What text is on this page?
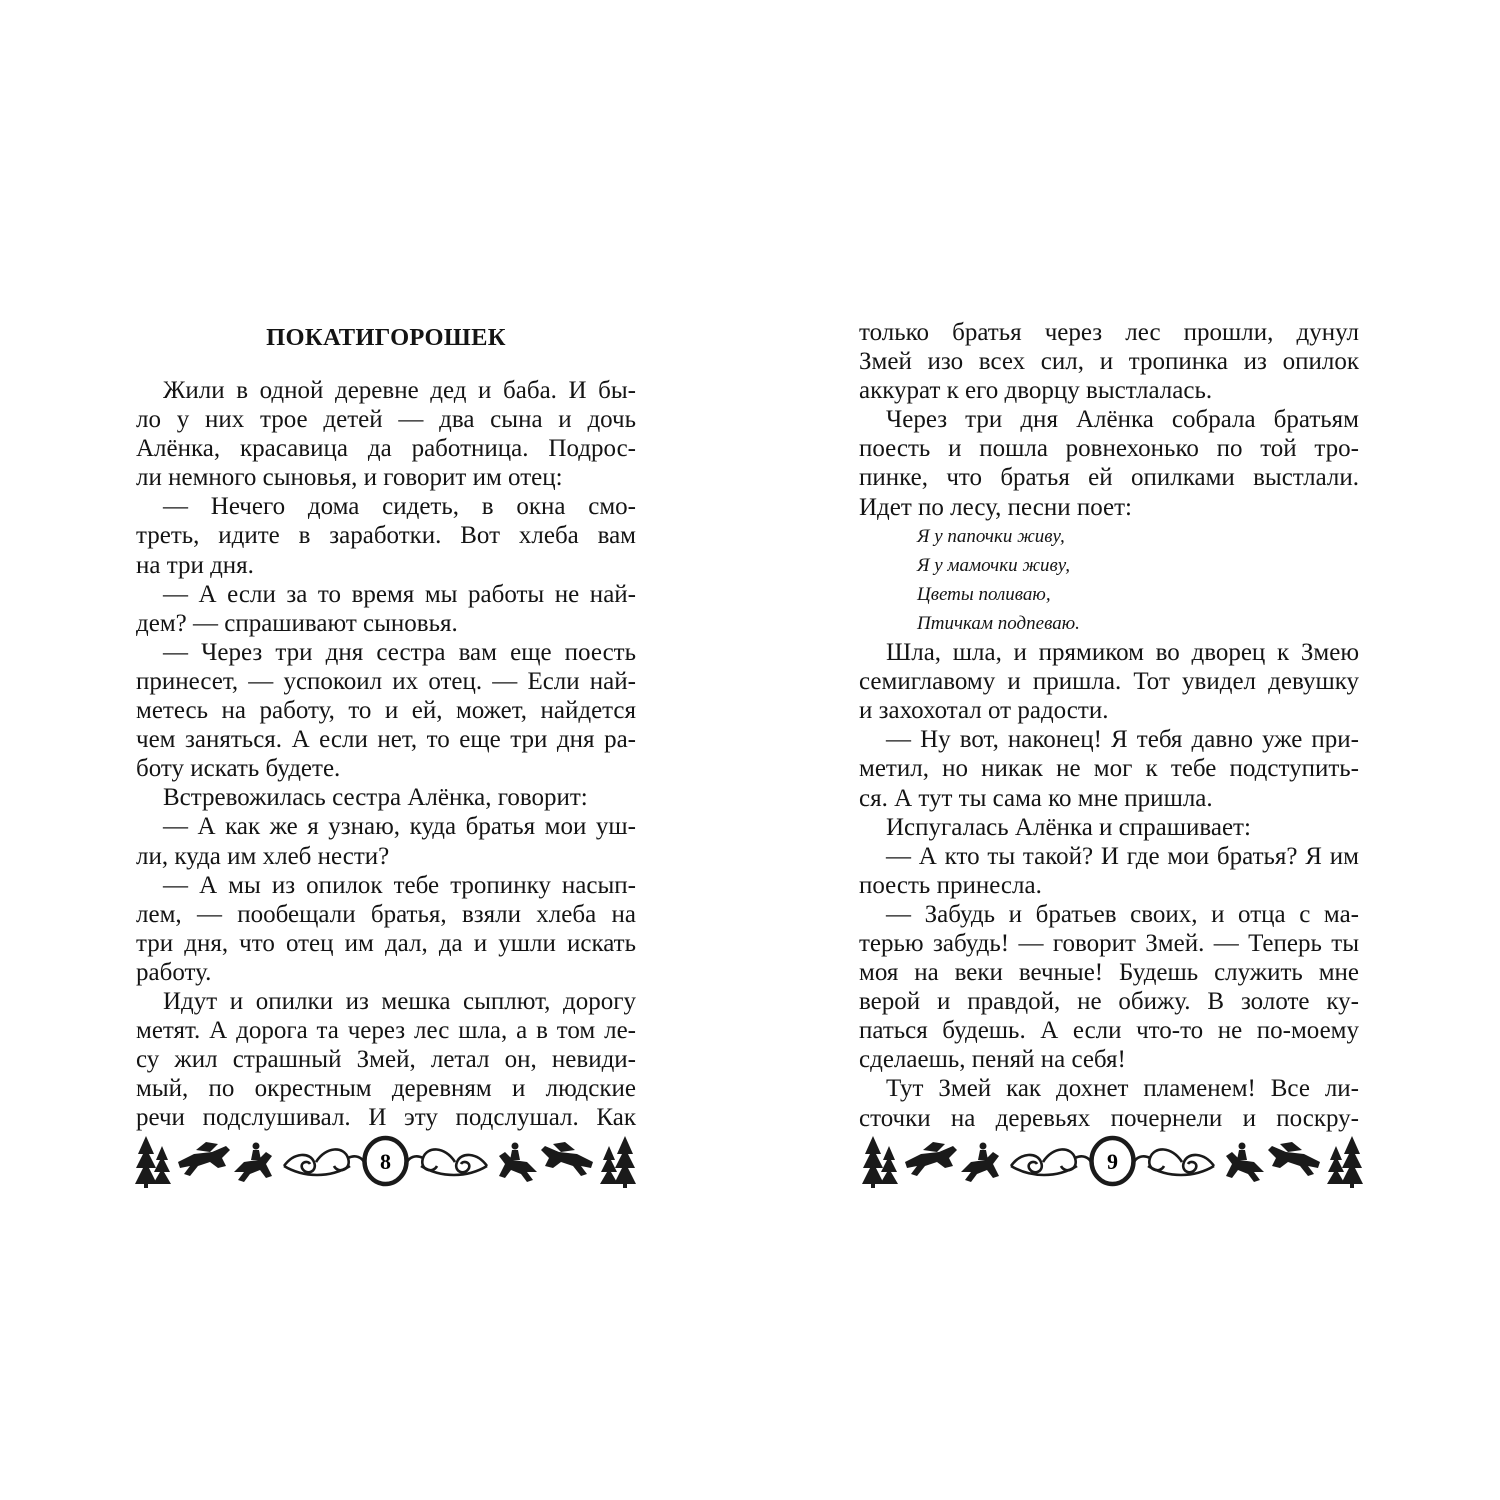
ПОКАТИГОРОШЕК
Жили в одной деревне дед и баба. И бы-
ло у них трое детей — два сына и дочь
Алёнка, красавица да работница. Подрос-
ли немного сыновья, и говорит им отец:
— Нечего дома сидеть, в окна смо-
треть, идите в заработки. Вот хлеба вам
на три дня.
— А если за то время мы работы не най-
дем? — спрашивают сыновья.
— Через три дня сестра вам еще поесть
принесет, — успокоил их отец. — Если най-
метесь на работу, то и ей, может, найдется
чем заняться. А если нет, то еще три дня ра-
боту искать будете.
Встревожилась сестра Алёнка, говорит:
— А как же я узнаю, куда братья мои уш-
ли, куда им хлеб нести?
— А мы из опилок тебе тропинку насып-
лем, — пообещали братья, взяли хлеба на
три дня, что отец им дал, да и ушли искать
работу.
Идут и опилки из мешка сыплют, дорогу
метят. А дорога та через лес шла, а в том ле-
су жил страшный Змей, летал он, невиди-
мый, по окрестным деревням и людские
речи подслушивал. И эту подслушал. Как
только братья через лес прошли, дунул
Змей изо всех сил, и тропинка из опилок
аккурат к его дворцу выстлалась.
Через три дня Алёнка собрала братьям
поесть и пошла ровнехонько по той тро-
пинке, что братья ей опилками выстлали.
Идет по лесу, песни поет:
Я у папочки живу,
Я у мамочки живу,
Цветы поливаю,
Птичкам подпеваю.
Шла, шла, и прямиком во дворец к Змею
семиглавому и пришла. Тот увидел девушку
и захохотал от радости.
— Ну вот, наконец! Я тебя давно уже при-
метил, но никак не мог к тебе подступить-
ся. А тут ты сама ко мне пришла.
Испугалась Алёнка и спрашивает:
— А кто ты такой? И где мои братья? Я им
поесть принесла.
— Забудь и братьев своих, и отца с ма-
терью забудь! — говорит Змей. — Теперь ты
моя на веки вечные! Будешь служить мне
верой и правдой, не обижу. В золоте ку-
паться будешь. А если что-то не по-моему
сделаешь, пеняй на себя!
Тут Змей как дохнет пламенем! Все ли-
сточки на деревьях почернели и поскру-
8	9
